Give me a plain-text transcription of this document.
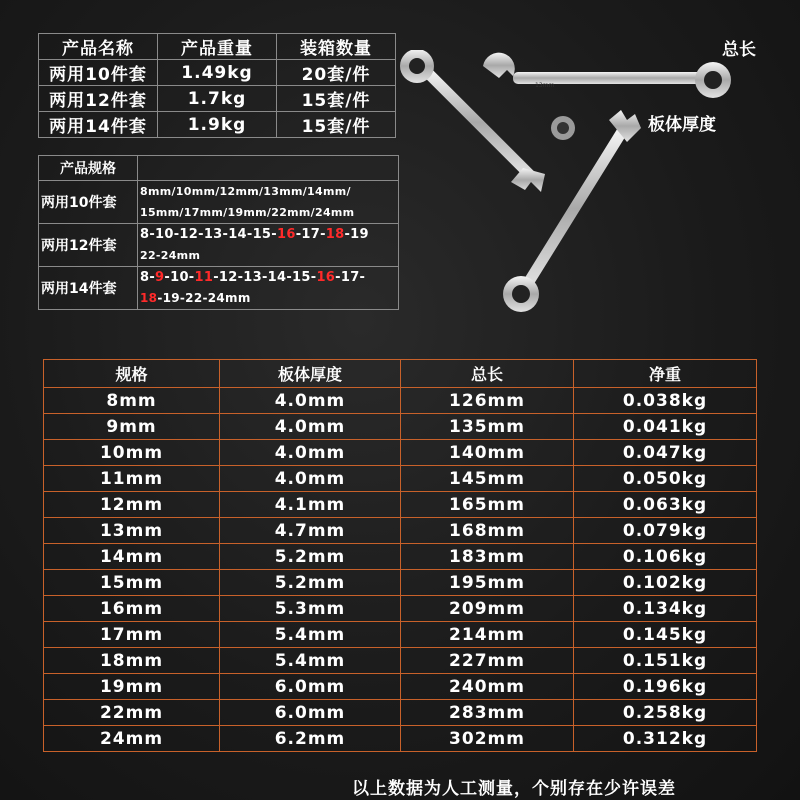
产品名称	产品重量	装箱数量
两用10件套	1.49kg	20套/件
两用12件套	1.7kg	15套/件
两用14件套	1.9kg	15套/件
产品规格	
两用10件套	8mm/10mm/12mm/13mm/14mm/
15mm/17mm/19mm/22mm/24mm

两用12件套	8-10-12-13-14-15-16-17-18-19
22-24mm

两用14件套	8-9-10-11-12-13-14-15-16-17-
18-19-22-24mm
13mm
总长
板体厚度
规格	板体厚度	总长	净重
8mm	4.0mm	126mm	0.038kg
9mm	4.0mm	135mm	0.041kg
10mm	4.0mm	140mm	0.047kg
11mm	4.0mm	145mm	0.050kg
12mm	4.1mm	165mm	0.063kg
13mm	4.7mm	168mm	0.079kg
14mm	5.2mm	183mm	0.106kg
15mm	5.2mm	195mm	0.102kg
16mm	5.3mm	209mm	0.134kg
17mm	5.4mm	214mm	0.145kg
18mm	5.4mm	227mm	0.151kg
19mm	6.0mm	240mm	0.196kg
22mm	6.0mm	283mm	0.258kg
24mm	6.2mm	302mm	0.312kg
以上数据为人工测量，个别存在少许误差
